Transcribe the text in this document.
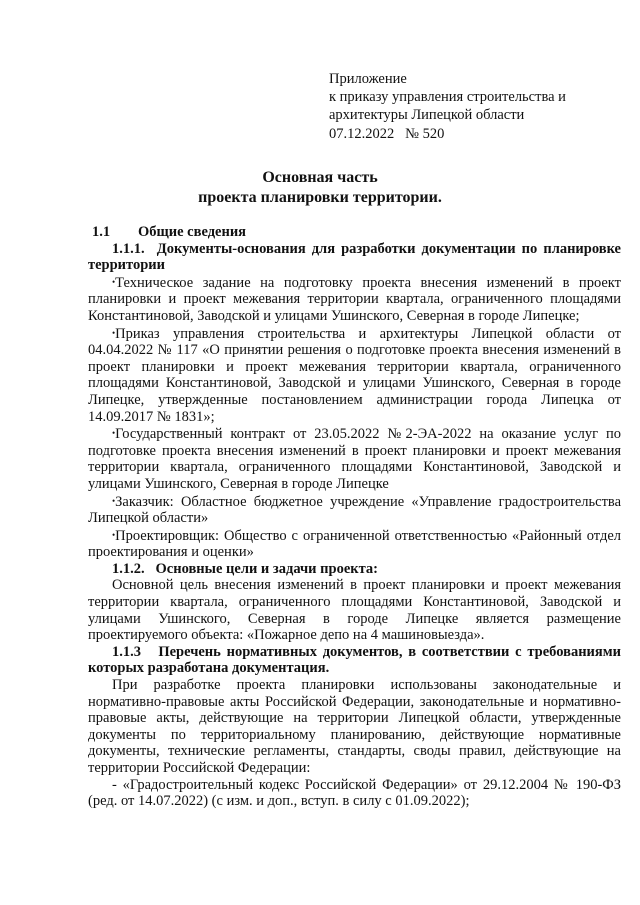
Приложение
к приказу управления строительства и
архитектуры Липецкой области
07.12.2022   № 520
Основная часть
проекта планировки территории.

1.1 Общие сведения

1.1.1.  Документы-основания для разработки документации по планировке территории

•Техническое задание на подготовку проекта внесения изменений в проект планировки и проект межевания территории квартала, ограниченного площадями Константиновой, Заводской и улицами Ушинского, Северная в городе Липецке;

•Приказ управления строительства и архитектуры Липецкой области от 04.04.2022 № 117 «О принятии решения о подготовке проекта внесения изменений в проект планировки и проект межевания территории квартала, ограниченного площадями Константиновой, Заводской и улицами Ушинского, Северная в городе Липецке, утвержденные постановлением администрации города Липецка от 14.09.2017 № 1831»;

•Государственный контракт от 23.05.2022 №2-ЭА-2022 на оказание услуг по подготовке проекта внесения изменений в проект планировки и проект межевания территории квартала, ограниченного площадями Константиновой, Заводской и улицами Ушинского, Северная в городе Липецке

•Заказчик: Областное бюджетное учреждение «Управление градостроительства Липецкой области»

•Проектировщик: Общество с ограниченной ответственностью «Районный отдел проектирования и оценки»

1.1.2.   Основные цели и задачи проекта:

Основной цель внесения изменений в проект планировки и проект межевания территории квартала, ограниченного площадями Константиновой, Заводской и улицами Ушинского, Северная в городе Липецке является размещение проектируемого объекта: «Пожарное депо на 4 машиновыезда».

1.1.3   Перечень нормативных документов, в соответствии с требованиями которых разработана документация.

При разработке проекта планировки использованы законодательные и нормативно-правовые акты Российской Федерации, законодательные и нормативно-правовые акты, действующие на территории Липецкой области, утвержденные документы по территориальному планированию, действующие нормативные документы, технические регламенты, стандарты, своды правил, действующие на территории Российской Федерации:

- «Градостроительный кодекс Российской Федерации» от 29.12.2004 № 190-ФЗ (ред. от 14.07.2022) (с изм. и доп., вступ. в силу с 01.09.2022);
